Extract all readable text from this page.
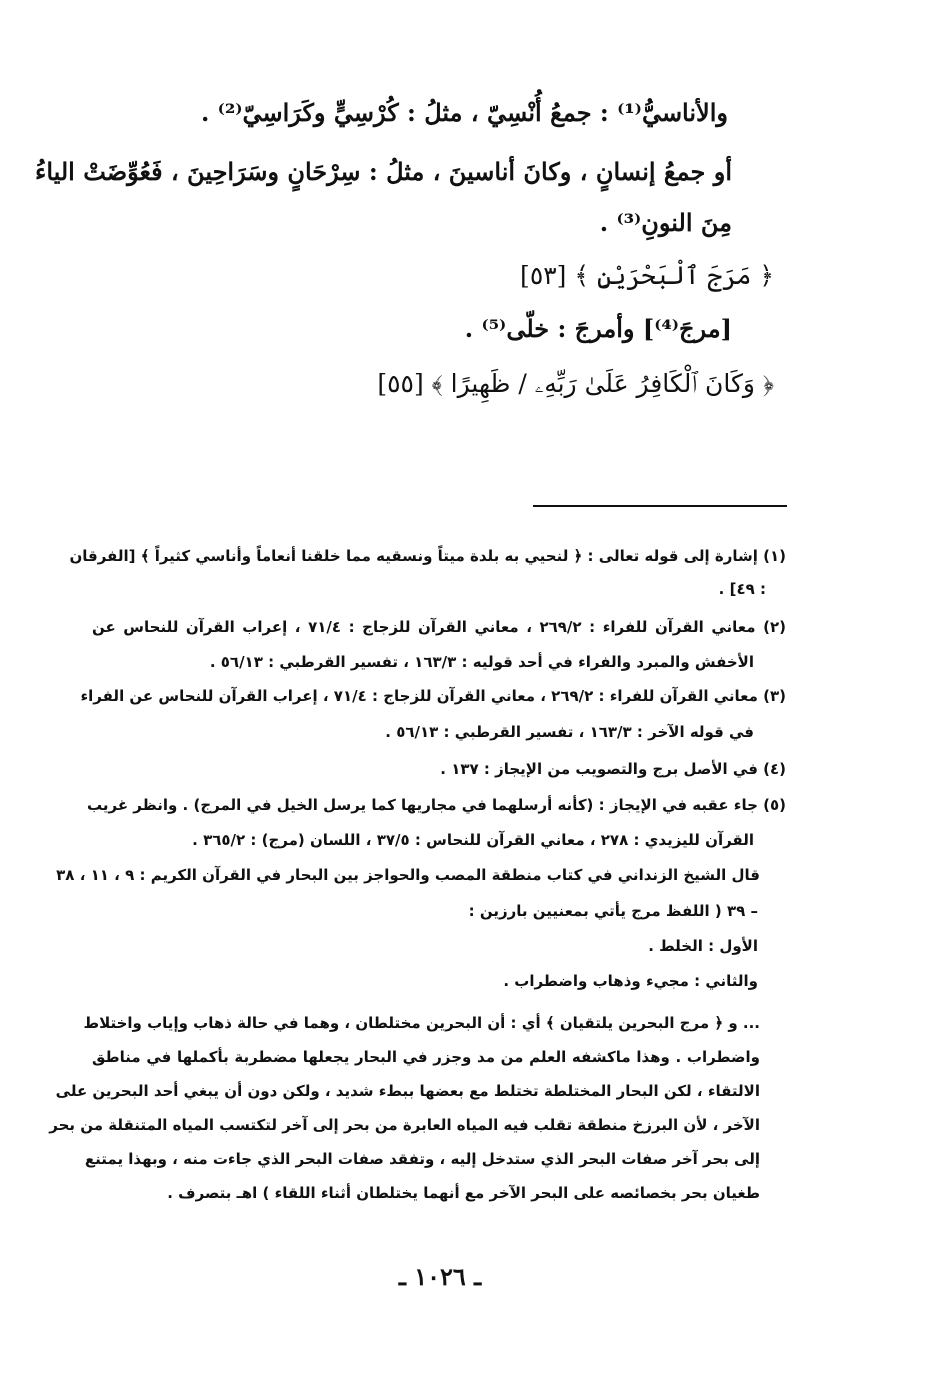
والأناسيُّ⁽¹⁾ : جمعُ أُنْسِيّ ، مثلُ : كُرْسِيٍّ وكَرَاسِيّ⁽²⁾ .
أو جمعُ إنسانٍ ، وكانَ أناسينَ ، مثلُ : سِرْحَانٍ وسَرَاحِينَ ، فَعُوِّضَتْ الياءُ
مِنَ النونِ⁽³⁾ .
﴿ مَرَجَ ٱلْبَحْرَيْنِ ﴾ [٥٣]
[مرجَ⁽⁴⁾] وأمرجَ : خلّى⁽⁵⁾ .
﴿ وَكَانَ ٱلْكَافِرُ عَلَىٰ رَبِّهِۦ / ظَهِيرًا ﴾ [٥٥]
(١) إشارة إلى قوله تعالى : ﴿ لنحيي به بلدة ميتاً ونسقيه مما خلقنا أنعاماً وأناسي كثيراً ﴾ [الفرقان
: ٤٩] .
(٢) معاني القرآن للفراء : ٢٦٩/٢ ، معاني القرآن للزجاج : ٧١/٤ ، إعراب القرآن للنحاس عن
الأخفش والمبرد والفراء في أحد قوليه : ١٦٣/٣ ، تفسير القرطبي : ٥٦/١٣ .
(٣) معاني القرآن للفراء : ٢٦٩/٢ ، معاني القرآن للزجاج : ٧١/٤ ، إعراب القرآن للنحاس عن الفراء
في قوله الآخر : ١٦٣/٣ ، تفسير القرطبي : ٥٦/١٣ .
(٤) في الأصل برج والتصويب من الإيجاز : ١٣٧ .
(٥) جاء عقبه في الإيجاز : (كأنه أرسلهما في مجاريها كما يرسل الخيل في المرج) . وانظر غريب
القرآن لليزيدي : ٢٧٨ ، معاني القرآن للنحاس : ٣٧/٥ ، اللسان (مرج) : ٣٦٥/٢ .
قال الشيخ الزنداني في كتاب منطقة المصب والحواجز بين البحار في القرآن الكريم : ٩ ، ١١ ، ٣٨
– ٣٩ ( اللفظ مرج يأتي بمعنيين بارزين :
الأول : الخلط .
والثاني : مجيء وذهاب واضطراب .
... و ﴿ مرج البحرين يلتقيان ﴾ أي : أن البحرين مختلطان ، وهما في حالة ذهاب وإياب واختلاط
واضطراب . وهذا ماكشفه العلم من مد وجزر في البحار يجعلها مضطربة بأكملها في مناطق
الالتقاء ، لكن البحار المختلطة تختلط مع بعضها ببطء شديد ، ولكن دون أن يبغي أحد البحرين على
الآخر ، لأن البرزخ منطقة تقلب فيه المياه العابرة من بحر إلى آخر لتكتسب المياه المتنقلة من بحر
إلى بحر آخر صفات البحر الذي ستدخل إليه ، وتفقد صفات البحر الذي جاءت منه ، وبهذا يمتنع
طغيان بحر بخصائصه على البحر الآخر مع أنهما يختلطان أثناء اللقاء ) اهـ بتصرف .
ـ ١٠٢٦ ـ
